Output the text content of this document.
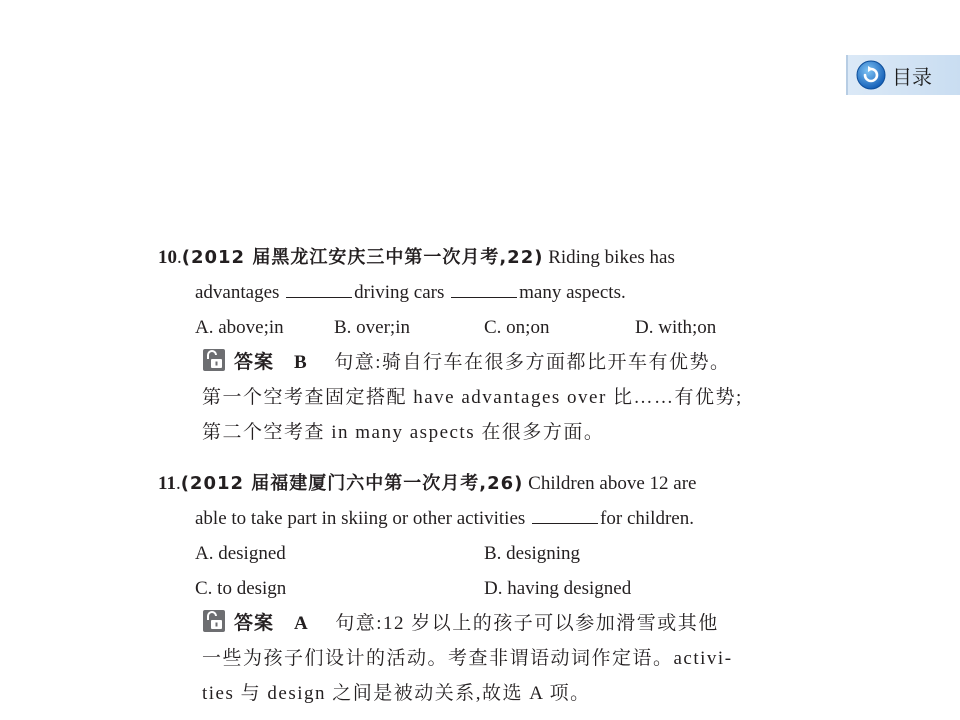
目录
10.(2012 届黑龙江安庆三中第一次月考,22) Riding bikes has
advantages	driving cars	many aspects.
A. above;in	B. over;in	C. on;on	D. with;on
答案 B 句意:骑自行车在很多方面都比开车有优势。
第一个空考查固定搭配 have advantages over 比……有优势;
第二个空考查 in many aspects 在很多方面。
11.(2012 届福建厦门六中第一次月考,26) Children above 12 are
able to take part in skiing or other activities	for children.
A. designed	B. designing
C. to design	D. having designed
答案 A 句意:12 岁以上的孩子可以参加滑雪或其他
一些为孩子们设计的活动。考查非谓语动词作定语。activi-
ties 与 design 之间是被动关系,故选 A 项。
